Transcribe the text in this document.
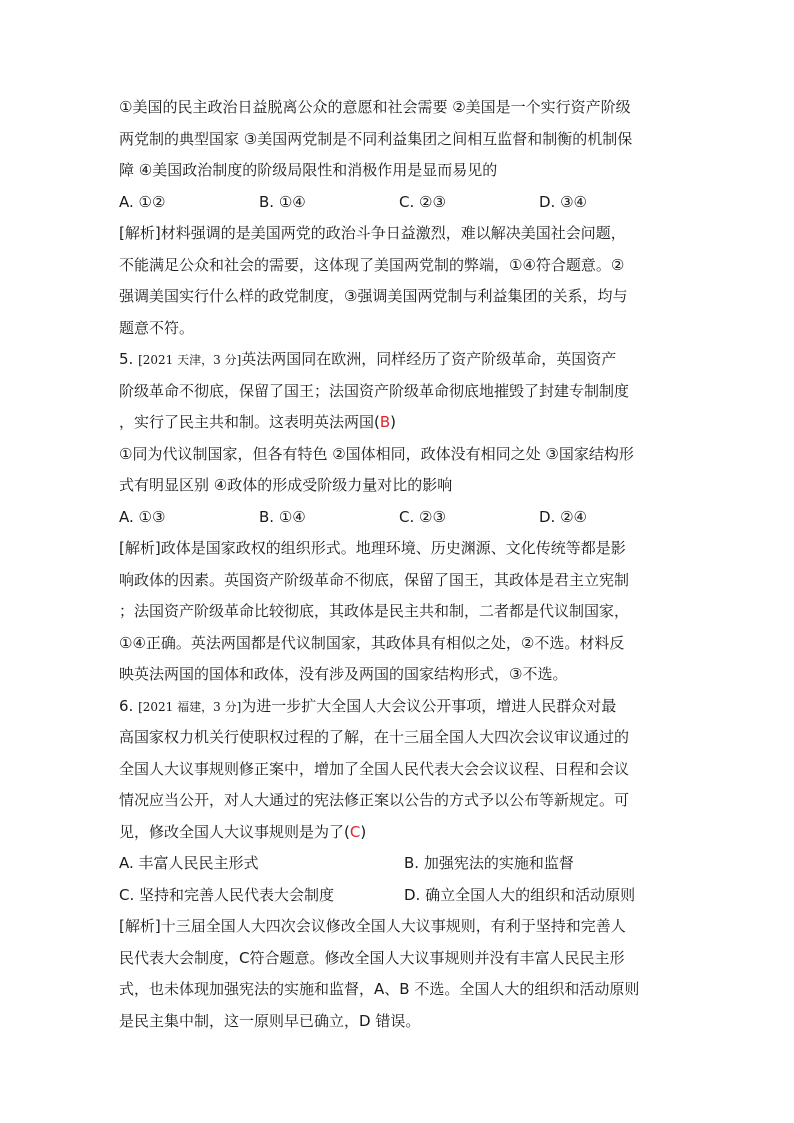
①美国的民主政治日益脱离公众的意愿和社会需要 ②美国是一个实行资产阶级
两党制的典型国家 ③美国两党制是不同利益集团之间相互监督和制衡的机制保
障 ④美国政治制度的阶级局限性和消极作用是显而易见的
A. ①②	B. ①④	C. ②③	D. ③④
[解析]材料强调的是美国两党的政治斗争日益激烈，难以解决美国社会问题，
不能满足公众和社会的需要，这体现了美国两党制的弊端，①④符合题意。②
强调美国实行什么样的政党制度，③强调美国两党制与利益集团的关系，均与
题意不符。
5. [2021 天津，3 分]英法两国同在欧洲，同样经历了资产阶级革命，英国资产
阶级革命不彻底，保留了国王；法国资产阶级革命彻底地摧毁了封建专制制度
，实行了民主共和制。这表明英法两国(B)
①同为代议制国家，但各有特色 ②国体相同，政体没有相同之处 ③国家结构形
式有明显区别 ④政体的形成受阶级力量对比的影响
A. ①③	B. ①④	C. ②③	D. ②④
[解析]政体是国家政权的组织形式。地理环境、历史渊源、文化传统等都是影
响政体的因素。英国资产阶级革命不彻底，保留了国王，其政体是君主立宪制
；法国资产阶级革命比较彻底，其政体是民主共和制，二者都是代议制国家，
①④正确。英法两国都是代议制国家，其政体具有相似之处，②不选。材料反
映英法两国的国体和政体，没有涉及两国的国家结构形式，③不选。
6. [2021 福建，3 分]为进一步扩大全国人大会议公开事项，增进人民群众对最
高国家权力机关行使职权过程的了解，在十三届全国人大四次会议审议通过的
全国人大议事规则修正案中，增加了全国人民代表大会会议议程、日程和会议
情况应当公开，对人大通过的宪法修正案以公告的方式予以公布等新规定。可
见，修改全国人大议事规则是为了(C)
A. 丰富人民民主形式	B. 加强宪法的实施和监督
C. 坚持和完善人民代表大会制度	D. 确立全国人大的组织和活动原则
[解析]十三届全国人大四次会议修改全国人大议事规则，有利于坚持和完善人
民代表大会制度，C符合题意。修改全国人大议事规则并没有丰富人民民主形
式，也未体现加强宪法的实施和监督，A、B 不选。全国人大的组织和活动原则
是民主集中制，这一原则早已确立，D 错误。
